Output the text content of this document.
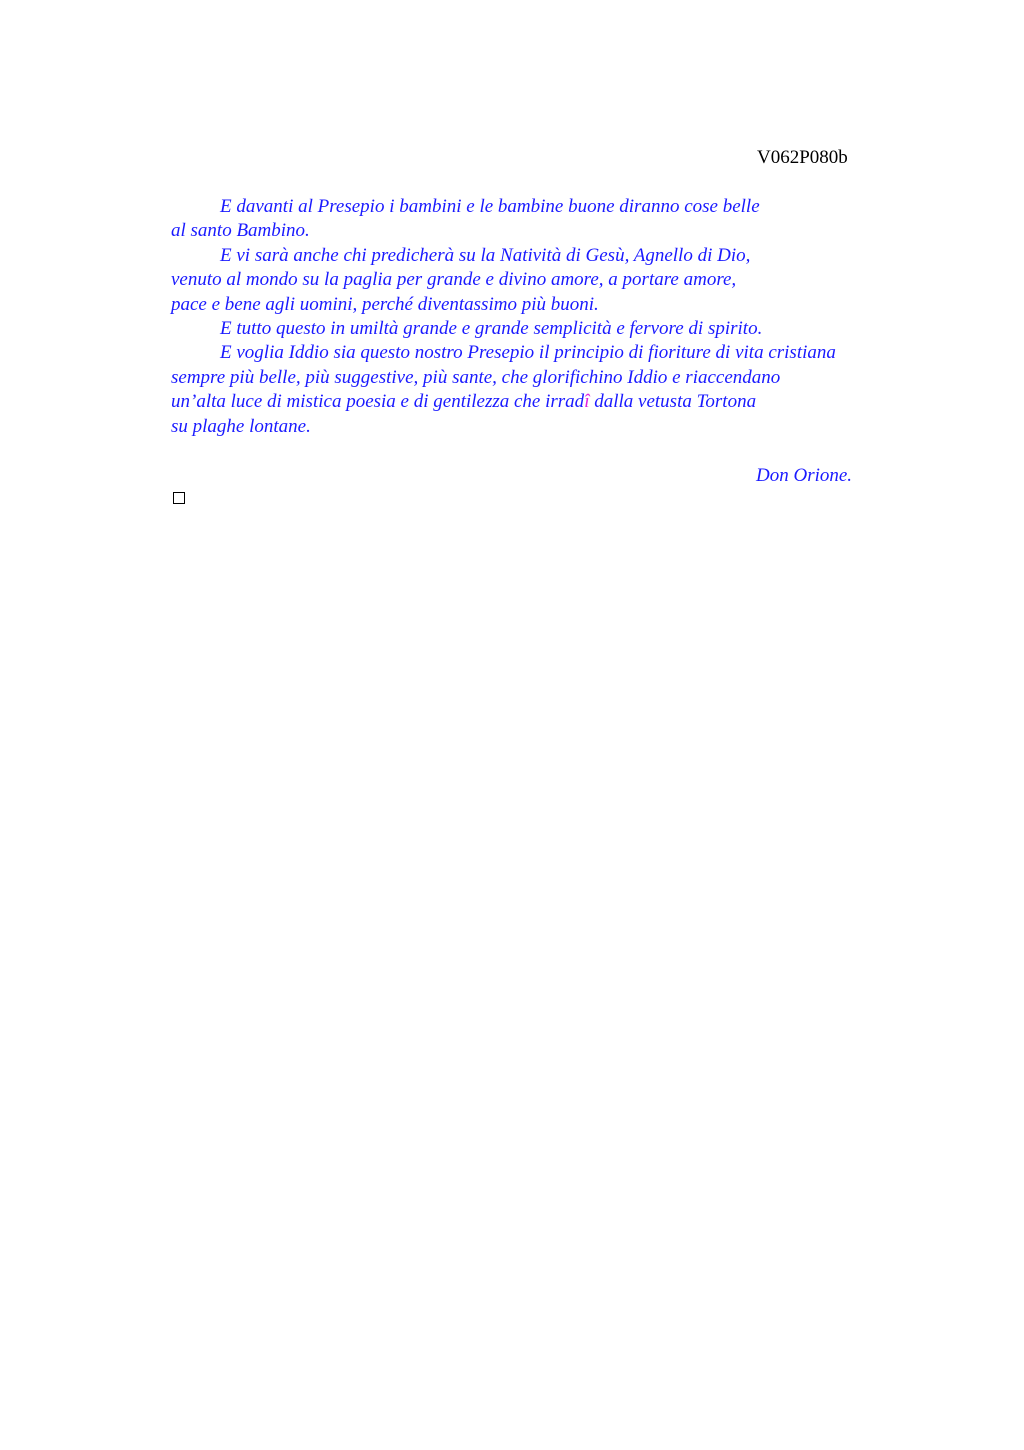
V062P080b
E davanti al Presepio i bambini e le bambine buone diranno cose belle
al santo Bambino.
E vi sarà anche chi predicherà su la Natività di Gesù, Agnello di Dio,
venuto al mondo su la paglia per grande e divino amore, a portare amore,
pace e bene agli uomini, perché diventassimo più buoni.
E tutto questo in umiltà grande e grande semplicità e fervore di spirito.
E voglia Iddio sia questo nostro Presepio il principio di fioriture di vita cristiana
sempre più belle, più suggestive, più sante, che glorifichino Iddio e riaccendano
un’alta luce di mistica poesia e di gentilezza che irradî dalla vetusta Tortona
su plaghe lontane.
Don Orione.
